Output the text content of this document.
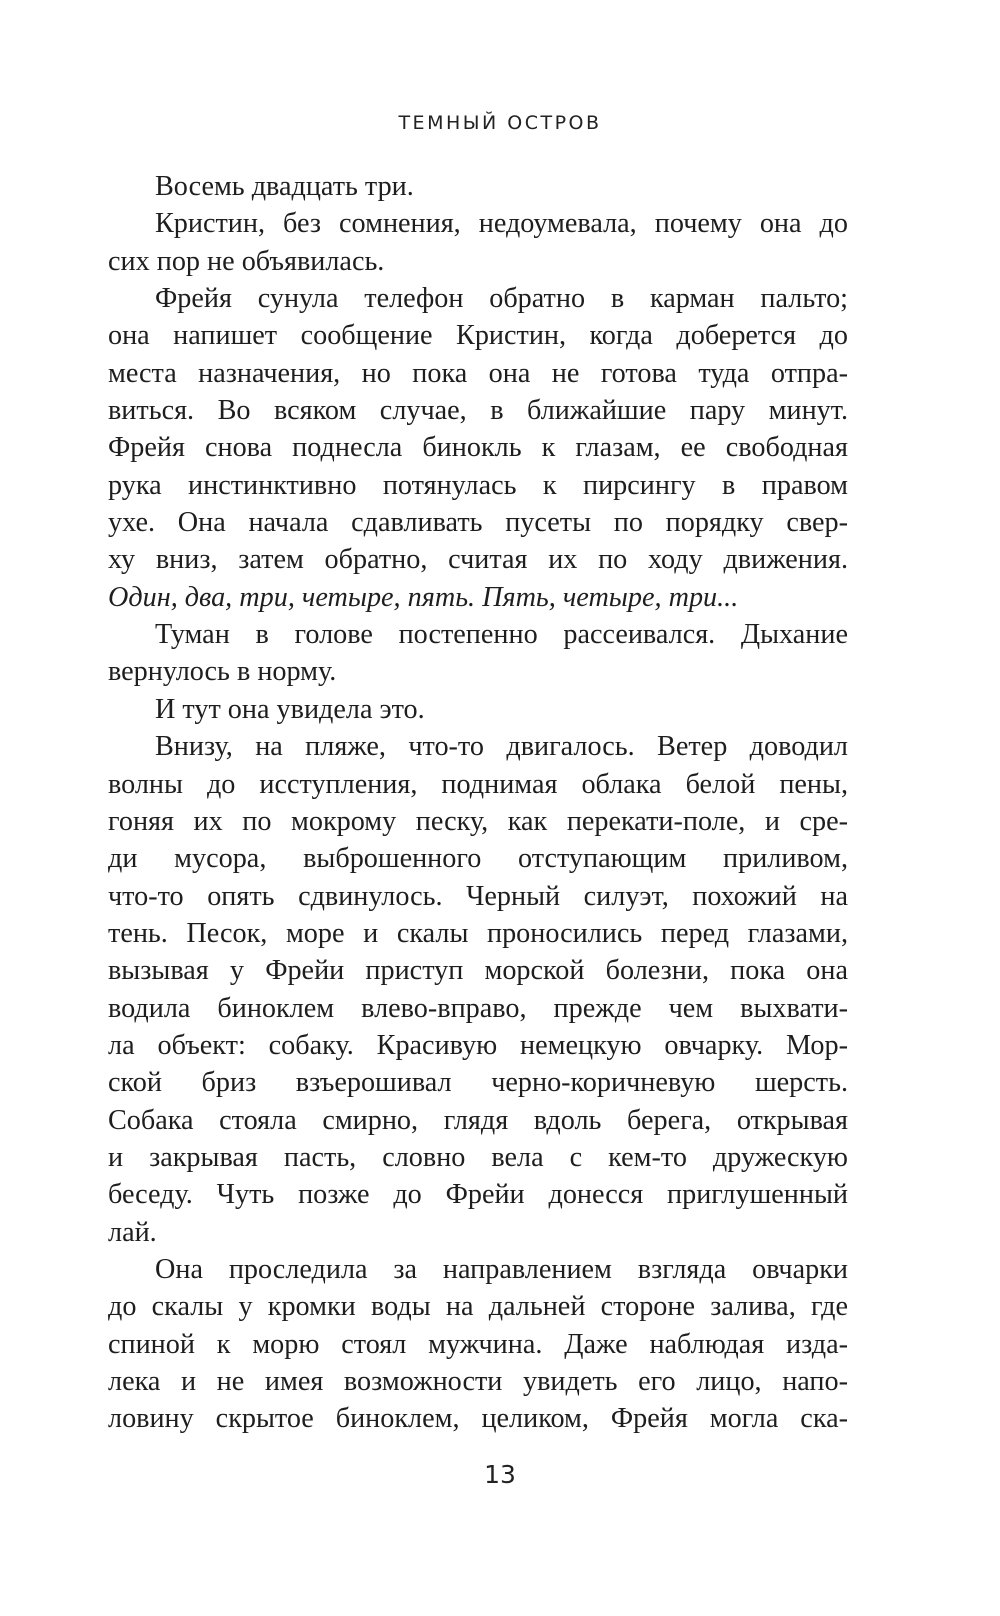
ТЕМНЫЙ ОСТРОВ
Восемь двадцать три.
Кристин, без сомнения, недоумевала, почему она до
сих пор не объявилась.
Фрейя сунула телефон обратно в карман пальто;
она напишет сообщение Кристин, когда доберется до
места назначения, но пока она не готова туда отпра-
виться. Во всяком случае, в ближайшие пару минут.
Фрейя снова поднесла бинокль к глазам, ее свободная
рука инстинктивно потянулась к пирсингу в правом
ухе. Она начала сдавливать пусеты по порядку свер-
ху вниз, затем обратно, считая их по ходу движения.
Один, два, три, четыре, пять. Пять, четыре, три...
Туман в голове постепенно рассеивался. Дыхание
вернулось в норму.
И тут она увидела это.
Внизу, на пляже, что-то двигалось. Ветер доводил
волны до исступления, поднимая облака белой пены,
гоняя их по мокрому песку, как перекати-поле, и сре-
ди мусора, выброшенного отступающим приливом,
что-то опять сдвинулось. Черный силуэт, похожий на
тень. Песок, море и скалы проносились перед глазами,
вызывая у Фрейи приступ морской болезни, пока она
водила биноклем влево-вправо, прежде чем выхвати-
ла объект: собаку. Красивую немецкую овчарку. Мор-
ской бриз взъерошивал черно-коричневую шерсть.
Собака стояла смирно, глядя вдоль берега, открывая
и закрывая пасть, словно вела с кем-то дружескую
беседу. Чуть позже до Фрейи донесся приглушенный
лай.
Она проследила за направлением взгляда овчарки
до скалы у кромки воды на дальней стороне залива, где
спиной к морю стоял мужчина. Даже наблюдая изда-
лека и не имея возможности увидеть его лицо, напо-
ловину скрытое биноклем, целиком, Фрейя могла ска-
13
